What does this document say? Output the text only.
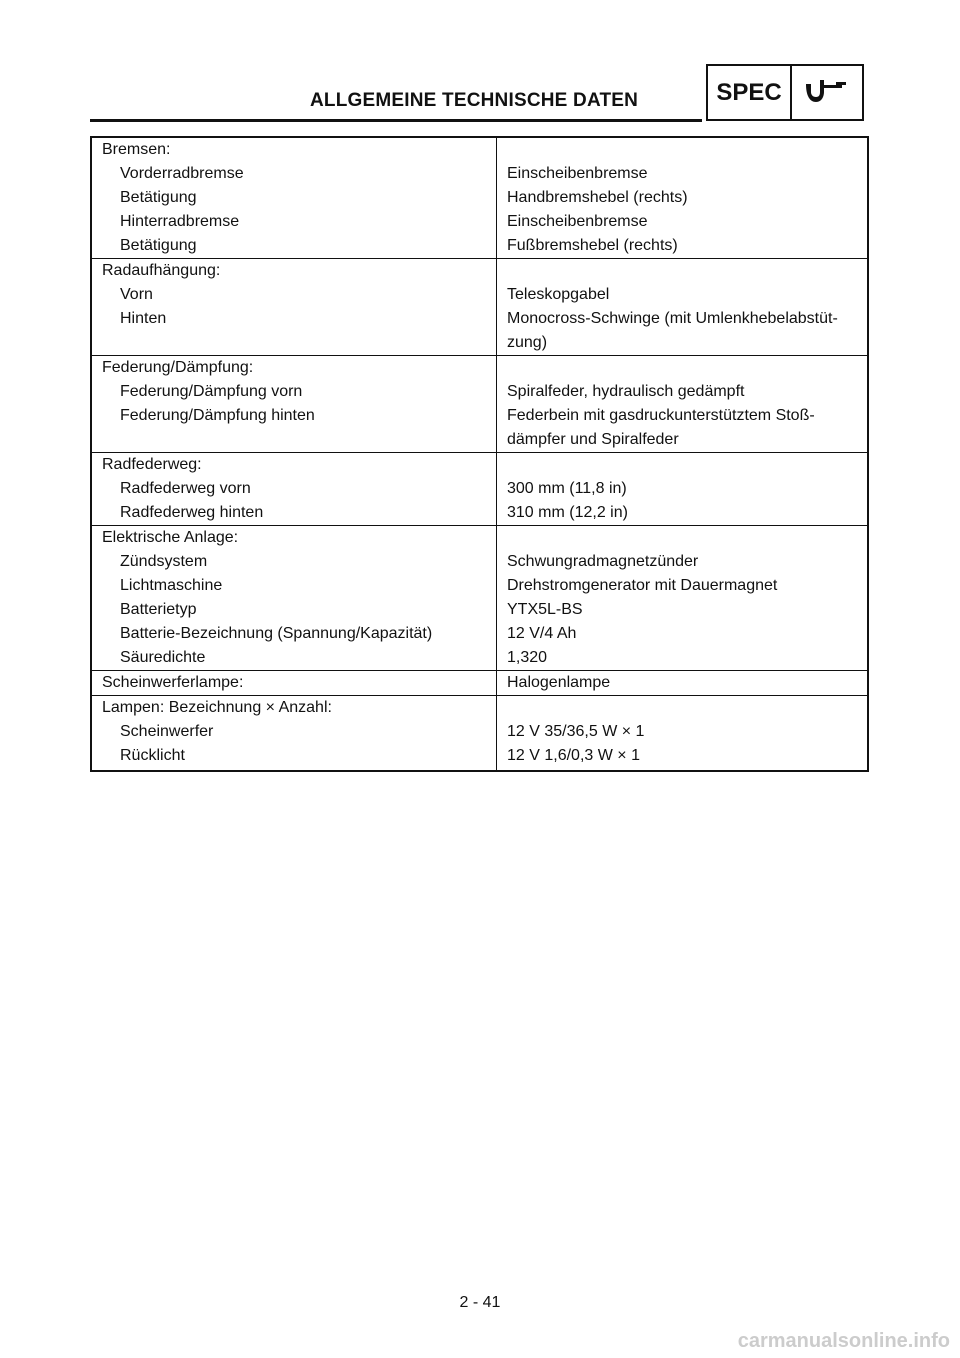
ALLGEMEINE TECHNISCHE DATEN	SPEC
Bremsen:	
Vorderradbremse	Einscheibenbremse
Betätigung	Handbremshebel (rechts)
Hinterradbremse	Einscheibenbremse
Betätigung	Fußbremshebel (rechts)
Radaufhängung:	
Vorn	Teleskopgabel
Hinten	Monocross-Schwinge (mit Umlenkhebelabstüt-
zung)

Federung/Dämpfung:	
Federung/Dämpfung vorn	Spiralfeder, hydraulisch gedämpft
Federung/Dämpfung hinten	Federbein mit gasdruckunterstütztem Stoß-
dämpfer und Spiralfeder

Radfederweg:	
Radfederweg vorn	300 mm (11,8 in)
Radfederweg hinten	310 mm (12,2 in)
Elektrische Anlage:	
Zündsystem	Schwungradmagnetzünder
Lichtmaschine	Drehstromgenerator mit Dauermagnet
Batterietyp	YTX5L-BS
Batterie-Bezeichnung (Spannung/Kapazität)	12 V/4 Ah
Säuredichte	1,320
Scheinwerferlampe:	Halogenlampe
Lampen: Bezeichnung × Anzahl:	
Scheinwerfer	12 V 35/36,5 W × 1
Rücklicht	12 V 1,6/0,3 W × 1
2 - 41
carmanualsonline.info
